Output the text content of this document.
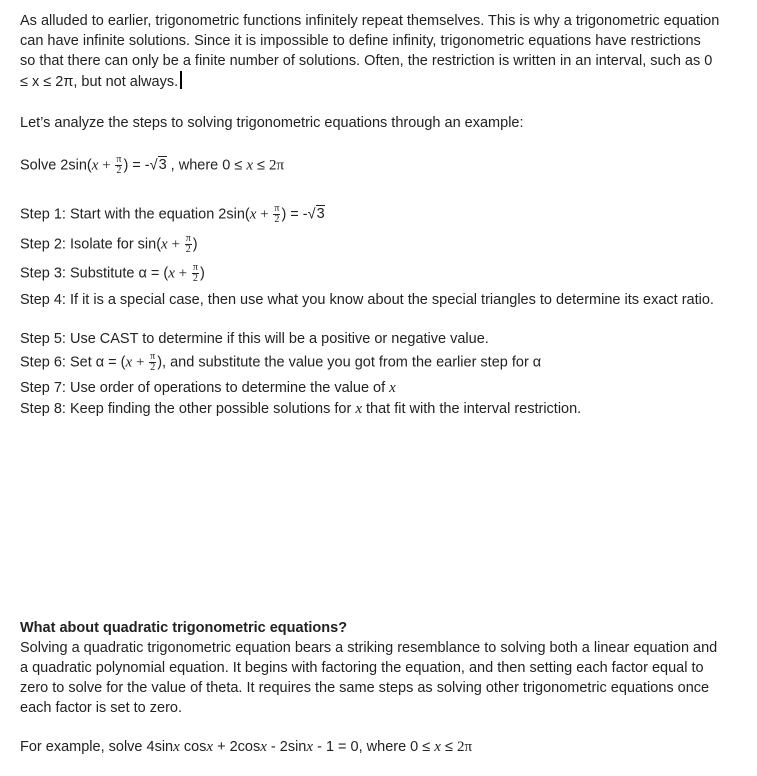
As alluded to earlier, trigonometric functions infinitely repeat themselves. This is why a trigonometric equation can have infinite solutions. Since it is impossible to define infinity, trigonometric equations have restrictions so that there can only be a finite number of solutions. Often, the restriction is written in an interval, such as 0 ≤ x ≤ 2π, but not always.
Let’s analyze the steps to solving trigonometric equations through an example:
Solve $2\sin(x + \frac{\pi}{2}$ ) = -√3 , where 0 ≤ x ≤ 2π
Step 1: Start with the equation $2\sin(x + \frac{\pi}{2}$ ) = -√3
Step 2: Isolate for $\sin(x + \frac{\pi}{2}$ )
Step 3: Substitute $\alpha = (x + \frac{\pi}{2}$ )
Step 4: If it is a special case, then use what you know about the special triangles to determine its exact ratio.
Step 5: Use CAST to determine if this will be a positive or negative value.
Step 6: Set $\alpha = (x + \frac{\pi}{2}$ ), and substitute the value you got from the earlier step for α
Step 7: Use order of operations to determine the value of x
Step 8: Keep finding the other possible solutions for x that fit with the interval restriction.
What about quadratic trigonometric equations?
Solving a quadratic trigonometric equation bears a striking resemblance to solving both a linear equation and a quadratic polynomial equation. It begins with factoring the equation, and then setting each factor equal to zero to solve for the value of theta. It requires the same steps as solving other trigonometric equations once each factor is set to zero.
For example, solve 4sinx cosx + 2cosx - 2sinx - 1 = 0, where 0 ≤ x ≤ 2π
